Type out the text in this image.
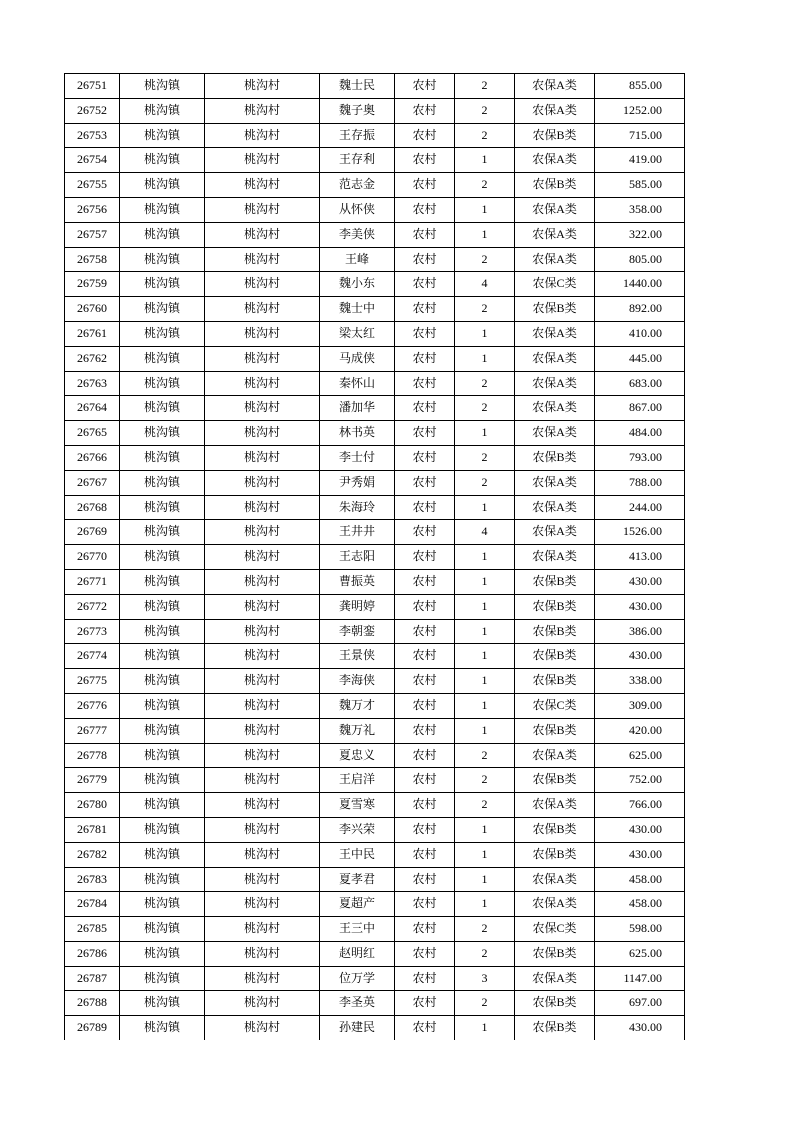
26751	桃沟镇	桃沟村	魏士民	农村	2	农保A类	855.00
26752	桃沟镇	桃沟村	魏子奥	农村	2	农保A类	1252.00
26753	桃沟镇	桃沟村	王存振	农村	2	农保B类	715.00
26754	桃沟镇	桃沟村	王存利	农村	1	农保A类	419.00
26755	桃沟镇	桃沟村	范志金	农村	2	农保B类	585.00
26756	桃沟镇	桃沟村	从怀侠	农村	1	农保A类	358.00
26757	桃沟镇	桃沟村	李美侠	农村	1	农保A类	322.00
26758	桃沟镇	桃沟村	王峰	农村	2	农保A类	805.00
26759	桃沟镇	桃沟村	魏小东	农村	4	农保C类	1440.00
26760	桃沟镇	桃沟村	魏士中	农村	2	农保B类	892.00
26761	桃沟镇	桃沟村	梁太红	农村	1	农保A类	410.00
26762	桃沟镇	桃沟村	马成侠	农村	1	农保A类	445.00
26763	桃沟镇	桃沟村	秦怀山	农村	2	农保A类	683.00
26764	桃沟镇	桃沟村	潘加华	农村	2	农保A类	867.00
26765	桃沟镇	桃沟村	林书英	农村	1	农保A类	484.00
26766	桃沟镇	桃沟村	李士付	农村	2	农保B类	793.00
26767	桃沟镇	桃沟村	尹秀娟	农村	2	农保A类	788.00
26768	桃沟镇	桃沟村	朱海玲	农村	1	农保A类	244.00
26769	桃沟镇	桃沟村	王井井	农村	4	农保A类	1526.00
26770	桃沟镇	桃沟村	王志阳	农村	1	农保A类	413.00
26771	桃沟镇	桃沟村	曹振英	农村	1	农保B类	430.00
26772	桃沟镇	桃沟村	龚明婷	农村	1	农保B类	430.00
26773	桃沟镇	桃沟村	李朝銮	农村	1	农保B类	386.00
26774	桃沟镇	桃沟村	王景侠	农村	1	农保B类	430.00
26775	桃沟镇	桃沟村	李海侠	农村	1	农保B类	338.00
26776	桃沟镇	桃沟村	魏万才	农村	1	农保C类	309.00
26777	桃沟镇	桃沟村	魏万礼	农村	1	农保B类	420.00
26778	桃沟镇	桃沟村	夏忠义	农村	2	农保A类	625.00
26779	桃沟镇	桃沟村	王启洋	农村	2	农保B类	752.00
26780	桃沟镇	桃沟村	夏雪寒	农村	2	农保A类	766.00
26781	桃沟镇	桃沟村	李兴荣	农村	1	农保B类	430.00
26782	桃沟镇	桃沟村	王中民	农村	1	农保B类	430.00
26783	桃沟镇	桃沟村	夏孝君	农村	1	农保A类	458.00
26784	桃沟镇	桃沟村	夏超产	农村	1	农保A类	458.00
26785	桃沟镇	桃沟村	王三中	农村	2	农保C类	598.00
26786	桃沟镇	桃沟村	赵明红	农村	2	农保B类	625.00
26787	桃沟镇	桃沟村	位万学	农村	3	农保A类	1147.00
26788	桃沟镇	桃沟村	李圣英	农村	2	农保B类	697.00
26789	桃沟镇	桃沟村	孙建民	农村	1	农保B类	430.00
